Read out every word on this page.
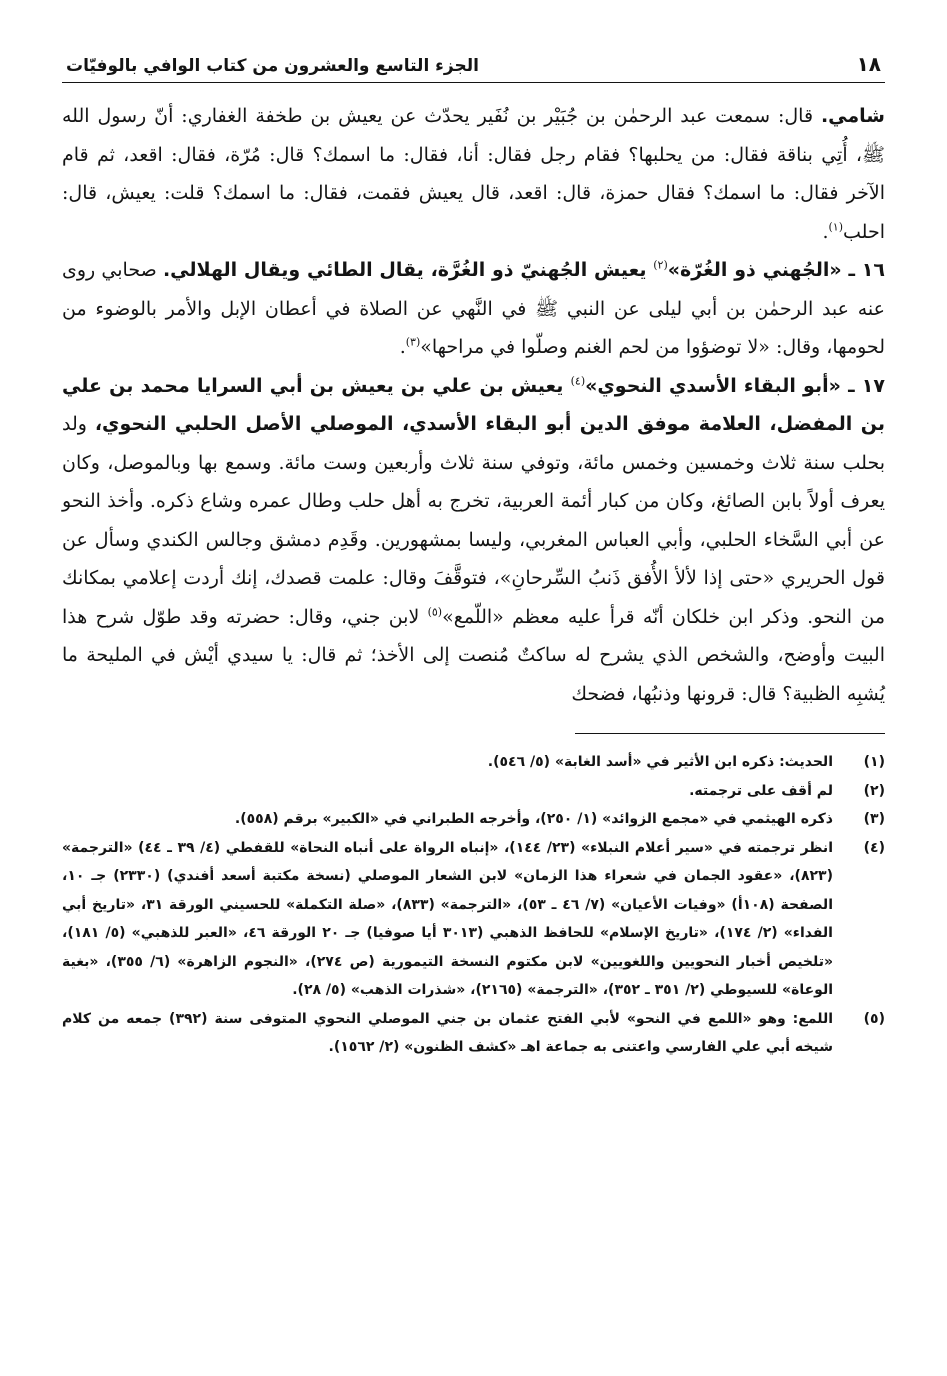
١٨
الجزء التاسع والعشرون من كتاب الوافي بالوفيّات

شامي. قال: سمعت عبد الرحمٰن بن جُبَيْر بن نُفَير يحدّث عن يعيش بن طخفة الغفاري: أنّ رسول الله ﷺ، أُتِي بناقة فقال: من يحلبها؟ فقام رجل فقال: أنا، فقال: ما اسمك؟ قال: مُرّة، فقال: اقعد، ثم قام الآخر فقال: ما اسمك؟ فقال حمزة، قال: اقعد، قال يعيش فقمت، فقال: ما اسمك؟ قلت: يعيش، قال: احلب$^{(١)}$.

١٦ ـ «الجُهني ذو الغُرّة»$^{(٢)}$ يعيش الجُهنيّ ذو الغُرَّة، يقال الطائي ويقال الهلالي. صحابي روى عنه عبد الرحمٰن بن أبي ليلى عن النبي ﷺ في النَّهي عن الصلاة في أعطان الإبل والأمر بالوضوء من لحومها، وقال: «لا توضؤوا من لحم الغنم وصلّوا في مراحها»$^{(٣)}$.

١٧ ـ «أبو البقاء الأسدي النحوي»$^{(٤)}$ يعيش بن علي بن يعيش بن أبي السرايا محمد بن علي بن المفضل، العلامة موفق الدين أبو البقاء الأسدي، الموصلي الأصل الحلبي النحوي، ولد بحلب سنة ثلاث وخمسين وخمس مائة، وتوفي سنة ثلاث وأربعين وست مائة. وسمع بها وبالموصل، وكان يعرف أولاً بابن الصائغ، وكان من كبار أئمة العربية، تخرج به أهل حلب وطال عمره وشاع ذكره. وأخذ النحو عن أبي السَّخاء الحلبي، وأبي العباس المغربي، وليسا بمشهورين. وقَدِم دمشق وجالس الكندي وسأل عن قول الحريري «حتى إذا لألأ الأُفق ذَنبُ السِّرحانِ»، فتوقَّفَ وقال: علمت قصدك، إنك أردت إعلامي بمكانك من النحو. وذكر ابن خلكان أنّه قرأ عليه معظم «اللّمع»$^{(٥)}$ لابن جني، وقال: حضرته وقد طوّل شرح هذا البيت وأوضح، والشخص الذي يشرح له ساكتٌ مُنصت إلى الأخذ؛ ثم قال: يا سيدي أيْش في المليحة ما يُشبِه الظبية؟ قال: قرونها وذنبُها، فضحك

(١)
الحديث: ذكره ابن الأثير في «أسد الغابة» (٥/ ٥٤٦).
(٢)
لم أقف على ترجمته.
(٣)
ذكره الهيثمي في «مجمع الزوائد» (١/ ٢٥٠)، وأخرجه الطبراني في «الكبير» برقم (٥٥٨).
(٤)
انظر ترجمته في «سير أعلام النبلاء» (٢٣/ ١٤٤)، «إنباه الرواة على أنباه النحاة» للقفطي (٤/ ٣٩ ـ ٤٤) «الترجمة» (٨٢٣)، «عقود الجمان في شعراء هذا الزمان» لابن الشعار الموصلي (نسخة مكتبة أسعد أفندي) (٢٣٣٠) جـ ١٠، الصفحة (١٠٨أ) «وفيات الأعيان» (٧/ ٤٦ ـ ٥٣)، «الترجمة» (٨٣٣)، «صلة التكملة» للحسيني الورقة ٣١، «تاريخ أبي الفداء» (٢/ ١٧٤)، «تاريخ الإسلام» للحافظ الذهبي (٣٠١٣ أيا صوفيا) جـ ٢٠ الورقة ٤٦، «العبر للذهبي» (٥/ ١٨١)، «تلخيص أخبار النحويين واللغويين» لابن مكتوم النسخة التيمورية (ص ٢٧٤)، «النجوم الزاهرة» (٦/ ٣٥٥)، «بغية الوعاة» للسيوطي (٢/ ٣٥١ ـ ٣٥٢)، «الترجمة» (٢١٦٥)، «شذرات الذهب» (٥/ ٢٨).
(٥)
اللمع: وهو «اللمع في النحو» لأبي الفتح عثمان بن جني الموصلي النحوي المتوفى سنة (٣٩٢) جمعه من كلام شيخه أبي علي الفارسي واعتنى به جماعة اهـ «كشف الظنون» (٢/ ١٥٦٢).
